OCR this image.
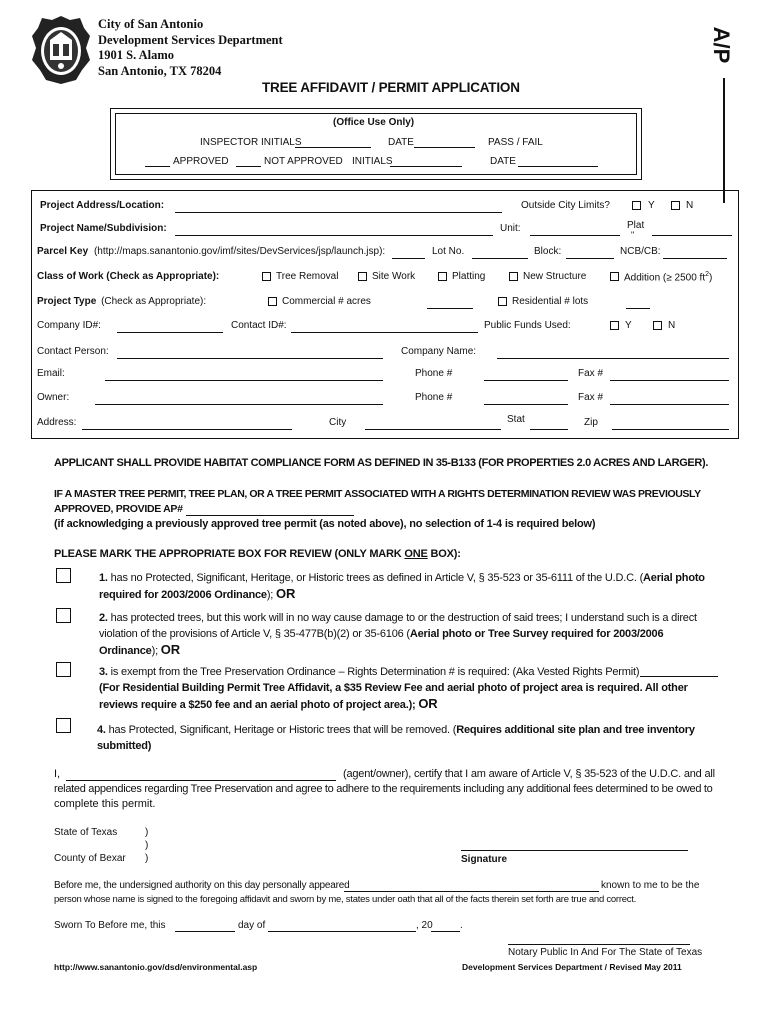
City of San Antonio
Development Services Department
1901 S. Alamo
San Antonio, TX 78204
TREE AFFIDAVIT / PERMIT APPLICATION
A/P
(Office Use Only)
INSPECTOR INITIALS	DATE	PASS / FAIL
APPROVED	NOT APPROVED INITIALS	DATE
Project Address/Location:	Outside City Limits?	Y	N
Project Name/Subdivision:	Unit:	Plat
"
Parcel Key (http://maps.sanantonio.gov/imf/sites/DevServices/jsp/launch.jsp):	Lot No.	Block:	NCB/CB:
Class of Work (Check as Appropriate):	Tree Removal	Site Work	Platting	New Structure	Addition (≥ 2500 $ft^2$)
Project Type (Check as Appropriate):	Commercial # acres	Residential # lots
Company ID#:	Contact ID#:	Public Funds Used:	Y	N
Contact Person:	Company Name:
Email:	Phone #	Fax #
Owner:	Phone #	Fax #
Address:	City	Stat	Zip
APPLICANT SHALL PROVIDE HABITAT COMPLIANCE FORM AS DEFINED IN 35-B133 (FOR PROPERTIES 2.0 ACRES AND LARGER).
IF A MASTER TREE PERMIT, TREE PLAN, OR A TREE PERMIT ASSOCIATED WITH A RIGHTS DETERMINATION REVIEW WAS PREVIOUSLY
APPROVED, PROVIDE AP#
(if acknowledging a previously approved tree permit (as noted above), no selection of 1-4 is required below)
PLEASE MARK THE APPROPRIATE BOX FOR REVIEW (ONLY MARK ONE BOX):
1. has no Protected, Significant, Heritage, or Historic trees as defined in Article V, § 35-523 or 35-6111 of the U.D.C. (Aerial photo
required for 2003/2006 Ordinance); OR
2. has protected trees, but this work will in no way cause damage to or the destruction of said trees; I understand such is a direct
violation of the provisions of Article V, § 35-477B(b)(2) or 35-6106 (Aerial photo or Tree Survey required for 2003/2006
Ordinance); OR
3. is exempt from the Tree Preservation Ordinance – Rights Determination # is required: (Aka Vested Rights Permit)
(For Residential Building Permit Tree Affidavit, a $35 Review Fee and aerial photo of project area is required. All other
reviews require a $250 fee and an aerial photo of project area.); OR
4. has Protected, Significant, Heritage or Historic trees that will be removed. (Requires additional site plan and tree inventory
submitted)
I,	(agent/owner), certify that I am aware of Article V, § 35-523 of the U.D.C. and all
related appendices regarding Tree Preservation and agree to adhere to the requirements including any additional fees determined to be owed to
complete this permit.
State of Texas	)
)
County of Bexar )	Signature
Before me, the undersigned authority on this day personally appeared	known to me to be the
person whose name is signed to the foregoing affidavit and sworn by me, states under oath that all of the facts therein set forth are true and correct.
Sworn To Before me, this	day of	, 20	.
Notary Public In And For The State of Texas
http://www.sanantonio.gov/dsd/environmental.asp	Development Services Department / Revised May 2011
